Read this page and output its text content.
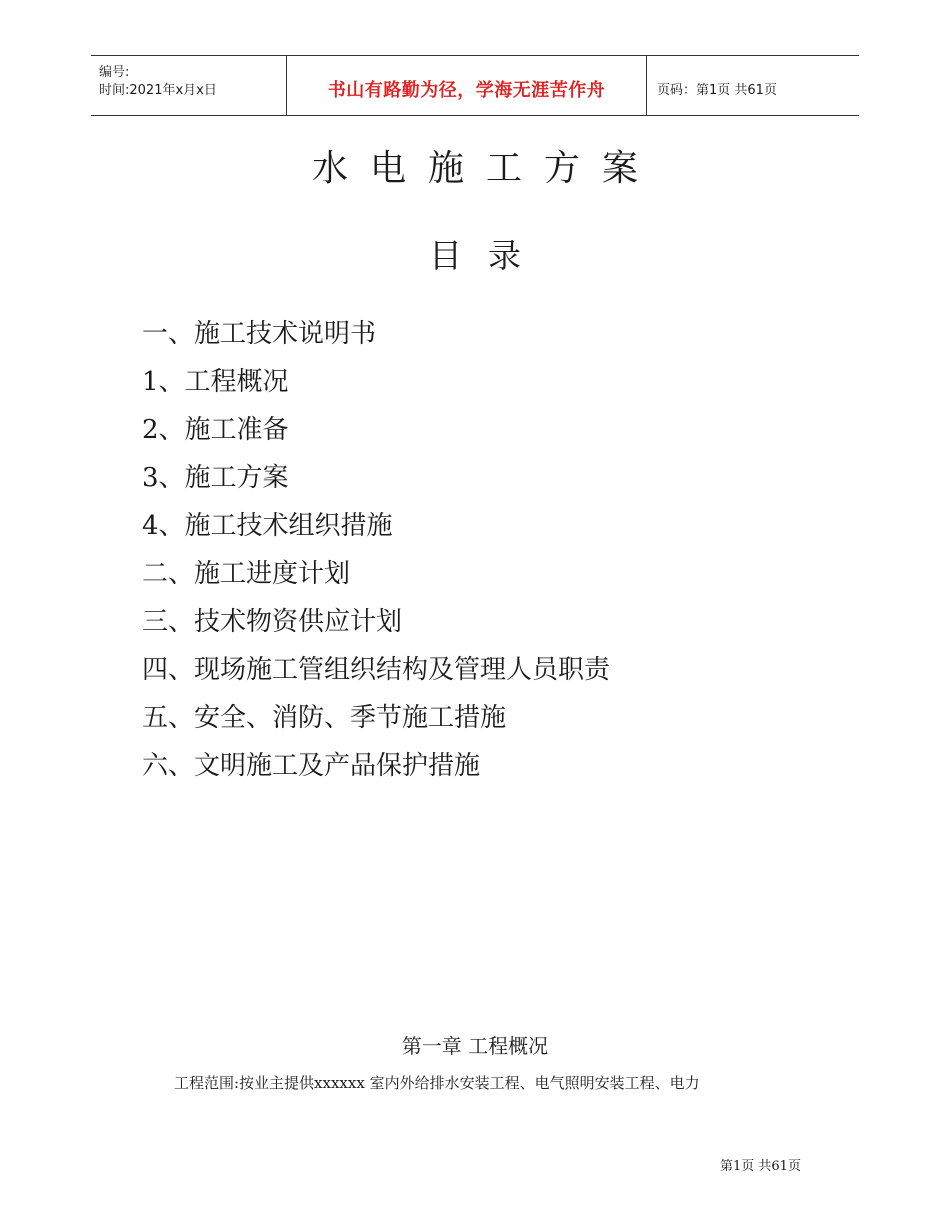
编号:
时间:2021年x月x日	书山有路勤为径，学海无涯苦作舟	页码：第1页 共61页
水电施工方案
目录
一、施工技术说明书
1、工程概况
2、施工准备
3、施工方案
4、施工技术组织措施
二、施工进度计划
三、技术物资供应计划
四、现场施工管组织结构及管理人员职责
五、安全、消防、季节施工措施
六、文明施工及产品保护措施
第一章 工程概况
工程范围:按业主提供xxxxxx 室内外给排水安装工程、电气照明安装工程、电力
第1页 共61页
